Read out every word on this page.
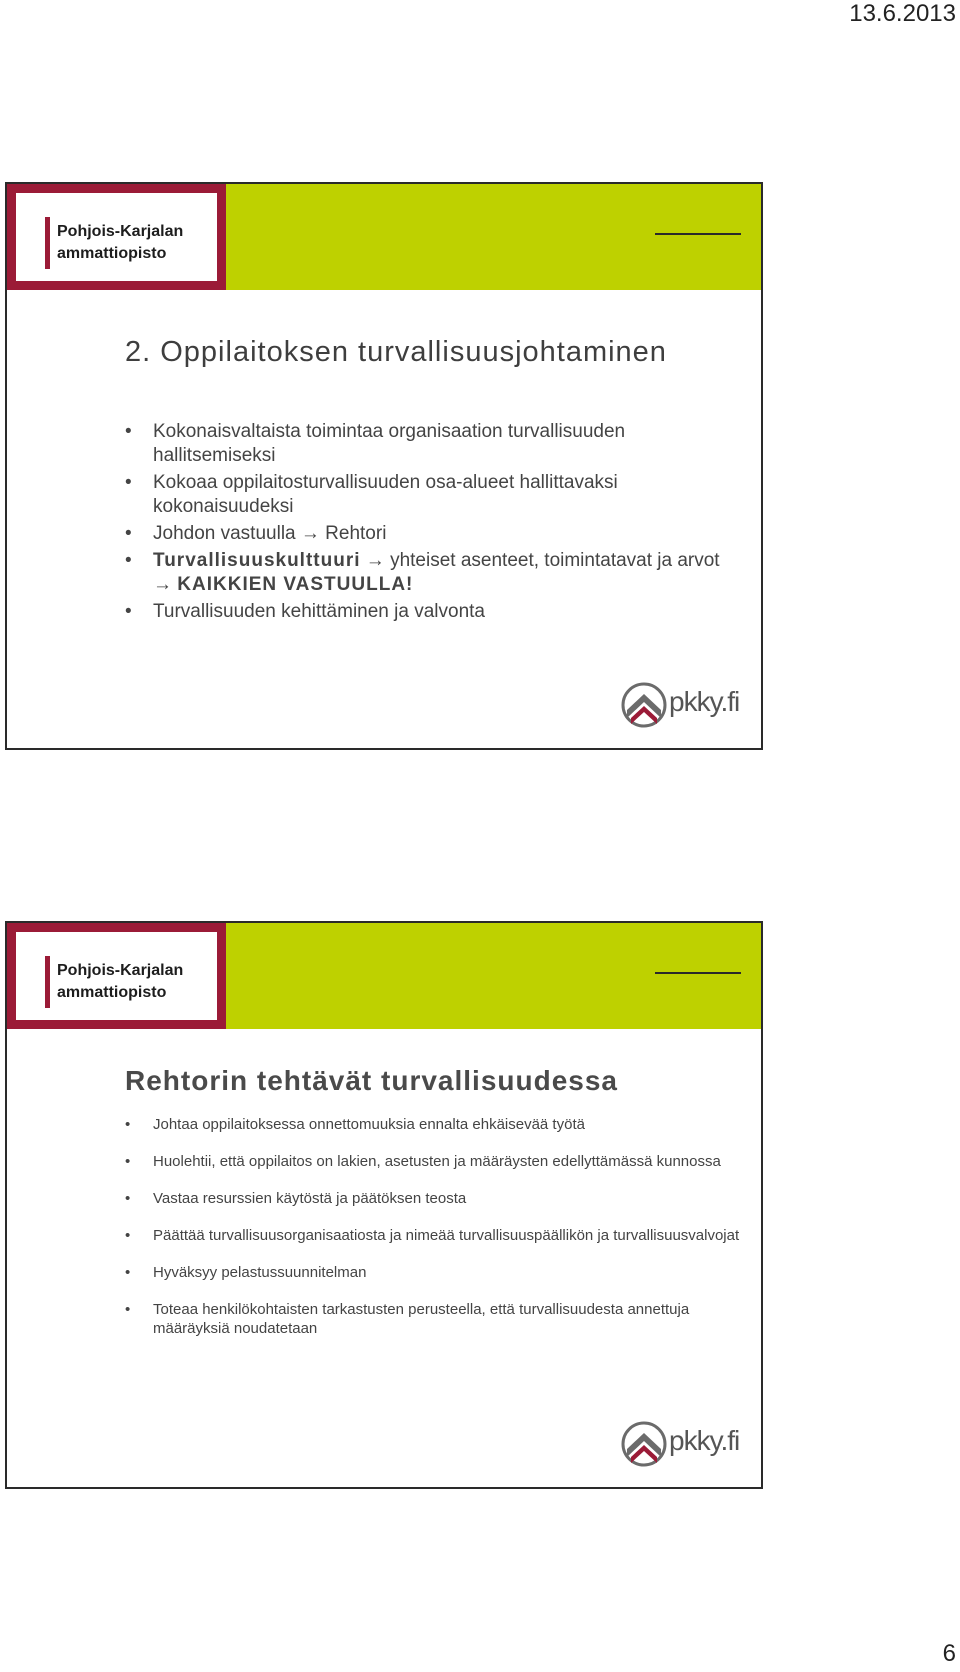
13.6.2013
Pohjois-Karjalan
ammattiopisto
2. Oppilaitoksen turvallisuusjohtaminen
• Kokonaisvaltaista toimintaa organisaation turvallisuuden hallitsemiseksi
• Kokoaa oppilaitosturvallisuuden osa-alueet hallittavaksi kokonaisuudeksi
• Johdon vastuulla → Rehtori
• Turvallisuuskulttuuri → yhteiset asenteet, toimintatavat ja arvot → KAIKKIEN VASTUULLA!
• Turvallisuuden kehittäminen ja valvonta
pkky.fi
Pohjois-Karjalan
ammattiopisto
Rehtorin tehtävät turvallisuudessa
• Johtaa oppilaitoksessa onnettomuuksia ennalta ehkäisevää työtä
• Huolehtii, että oppilaitos on lakien, asetusten ja määräysten edellyttämässä kunnossa
• Vastaa resurssien käytöstä ja päätöksen teosta
• Päättää turvallisuusorganisaatiosta ja nimeää turvallisuuspäällikön ja turvallisuusvalvojat
• Hyväksyy pelastussuunnitelman
• Toteaa henkilökohtaisten tarkastusten perusteella, että turvallisuudesta annettuja määräyksiä noudatetaan
pkky.fi
6
